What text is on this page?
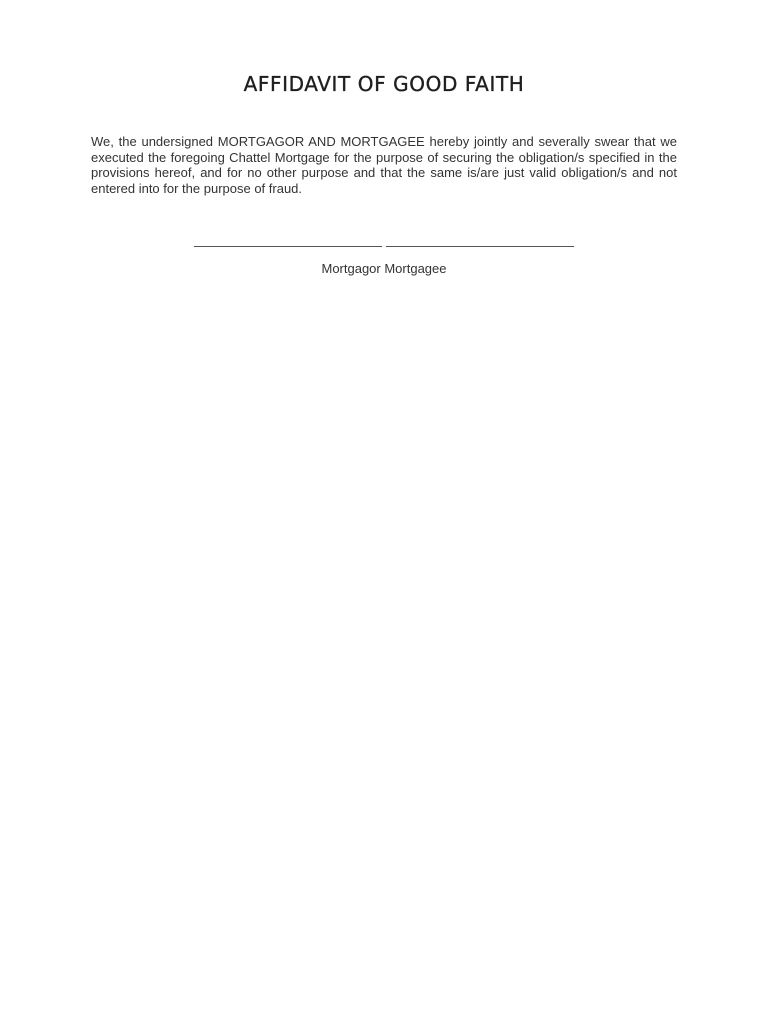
AFFIDAVIT OF GOOD FAITH

We, the undersigned MORTGAGOR AND MORTGAGEE hereby jointly and severally swear that we executed the foregoing Chattel Mortgage for the purpose of securing the obligation/s specified in the provisions hereof, and for no other purpose and that the same is/are just valid obligation/s and not entered into for the purpose of fraud.

Mortgagor Mortgagee
